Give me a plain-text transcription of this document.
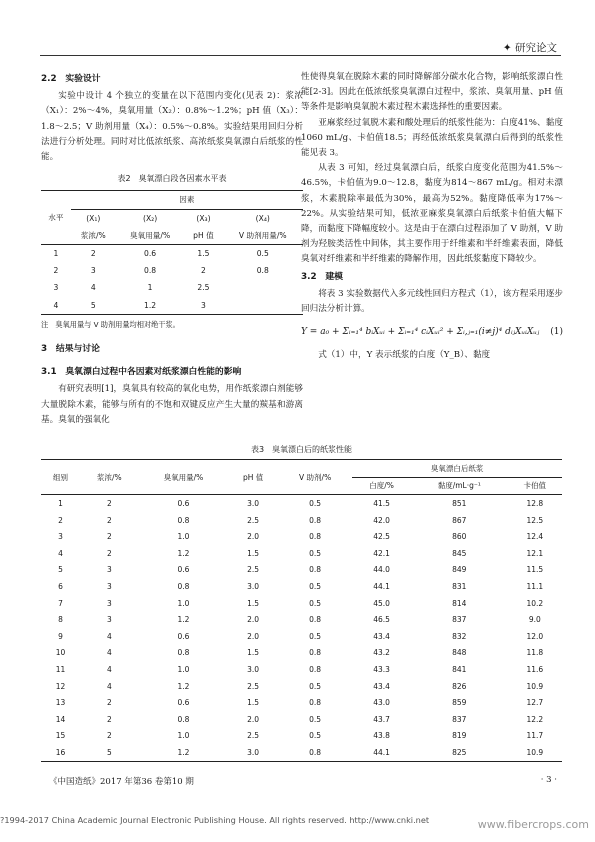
✦ 研究论文
2.2　实验设计

实验中设计 4 个独立的变量在以下范围内变化(见表 2)：浆浓（X₁）：2%～4%，臭氧用量（X₂）：0.8%～1.2%；pH 值（X₃）：1.8～2.5；V 助剂用量（X₄）：0.5%～0.8%。实验结果用回归分析法进行分析处理。同时对比低浓纸浆、高浓纸浆臭氧漂白后纸浆的性能。

表2　臭氧漂白段各因素水平表
水平	因素			
	(X₁)	(X₂)	(X₃)	(X₄)
	浆浓/%	臭氧用量/%	pH 值	V 助剂用量/%
1	2	0.6	1.5	0.5
2	3	0.8	2	0.8
3	4	1	2.5	
4	5	1.2	3	
注　臭氧用量与 V 助剂用量均相对绝干浆。
3　结果与讨论
3.1　臭氧漂白过程中各因素对纸浆漂白性能的影响

有研究表明[1]，臭氧具有较高的氧化电势，用作纸浆漂白剂能够大量脱除木素，能够与所有的不饱和双键反应产生大量的羰基和游离基。臭氧的强氧化

性使得臭氧在脱除木素的同时降解部分碳水化合物，影响纸浆漂白性能[2-3]。因此在低浓纸浆臭氧漂白过程中，浆浓、臭氧用量、pH 值等条件是影响臭氧脱木素过程木素选择性的重要因素。

亚麻浆经过氧脱木素和酸处理后的纸浆性能为：白度41%、黏度1060 mL/g、卡伯值18.5；再经低浓纸浆臭氧漂白后得到的纸浆性能见表 3。

从表 3 可知，经过臭氧漂白后，纸浆白度变化范围为41.5%～46.5%，卡伯值为9.0～12.8，黏度为814～867 mL/g。相对未漂浆，木素脱除率最低为30%，最高为52%。黏度降低率为17%～22%。从实验结果可知，低浓亚麻浆臭氧漂白后纸浆卡伯值大幅下降，而黏度下降幅度较小。这是由于在漂白过程添加了 V 助剂，V 助剂为羟胺类活性中间体，其主要作用于纤维素和半纤维素表面，降低臭氧对纤维素和半纤维素的降解作用，因此纸浆黏度下降较少。

3.2　建模

将表 3 实验数据代入多元线性回归方程式（1），该方程采用逐步回归法分析计算。

Y = a₀ + Σᵢ₌₁⁴ bᵢXᵤᵢ + Σᵢ₌₁⁴ cᵢXᵤᵢ² + Σᵢ,ⱼ₌₁(i≠j)⁴ dᵢⱼXᵤᵢXᵤⱼ (1)

式（1）中，Y 表示纸浆的白度（Y_B）、黏度

表3　臭氧漂白后的纸浆性能
组别	浆浓/%	臭氧用量/%	pH 值	V 助剂/%	臭氧漂白后纸浆		
					白度/%	黏度/mL·g⁻¹	卡伯值
1	2	0.6	3.0	0.5	41.5	851	12.8
2	2	0.8	2.5	0.8	42.0	867	12.5
3	2	1.0	2.0	0.8	42.5	860	12.4
4	2	1.2	1.5	0.5	42.1	845	12.1
5	3	0.6	2.5	0.8	44.0	849	11.5
6	3	0.8	3.0	0.5	44.1	831	11.1
7	3	1.0	1.5	0.5	45.0	814	10.2
8	3	1.2	2.0	0.8	46.5	837	9.0
9	4	0.6	2.0	0.5	43.4	832	12.0
10	4	0.8	1.5	0.8	43.2	848	11.8
11	4	1.0	3.0	0.8	43.3	841	11.6
12	4	1.2	2.5	0.5	43.4	826	10.9
13	2	0.6	1.5	0.8	43.0	859	12.7
14	2	0.8	2.0	0.5	43.7	837	12.2
15	2	1.0	2.5	0.5	43.8	819	11.7
16	5	1.2	3.0	0.8	44.1	825	10.9
《中国造纸》2017 年第36 卷第10 期	· 3 ·
?1994-2017 China Academic Journal Electronic Publishing House. All rights reserved. http://www.cnki.net	www.fibercrops.com
